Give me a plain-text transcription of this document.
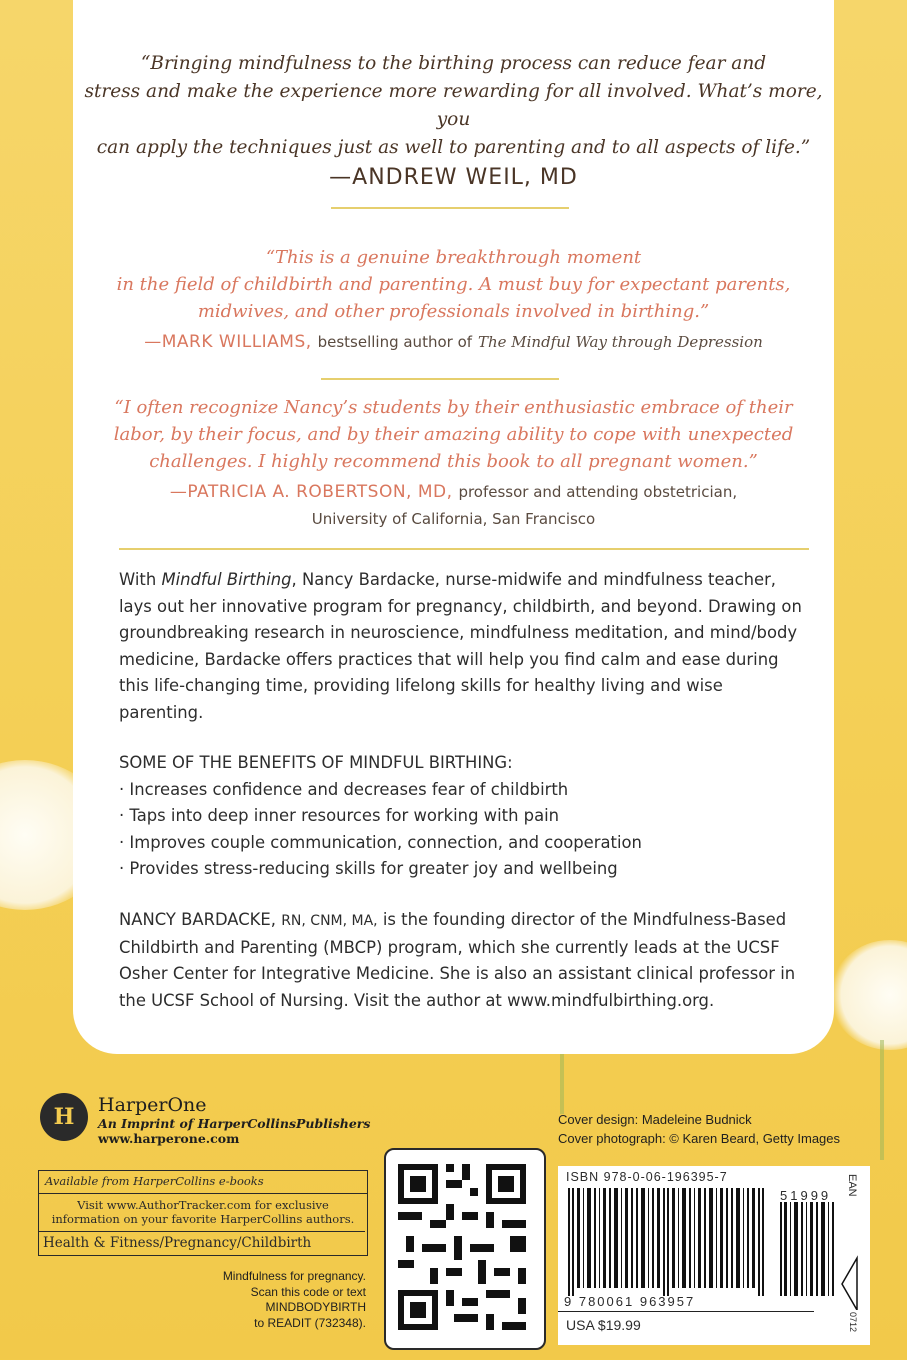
“Bringing mindfulness to the birthing process can reduce fear and
stress and make the experience more rewarding for all involved. What’s more, you
can apply the techniques just as well to parenting and to all aspects of life.”
—ANDREW WEIL, MD
“This is a genuine breakthrough moment
in the field of childbirth and parenting. A must buy for expectant parents,
midwives, and other professionals involved in birthing.”
—MARK WILLIAMS, bestselling author of The Mindful Way through Depression
“I often recognize Nancy’s students by their enthusiastic embrace of their
labor, by their focus, and by their amazing ability to cope with unexpected
challenges. I highly recommend this book to all pregnant women.”
—PATRICIA A. ROBERTSON, MD, professor and attending obstetrician,
University of California, San Francisco

With Mindful Birthing, Nancy Bardacke, nurse-midwife and mindfulness teacher, lays out her innovative program for pregnancy, childbirth, and beyond. Drawing on groundbreaking research in neuroscience, mindfulness meditation, and mind/body medicine, Bardacke offers practices that will help you find calm and ease during this life-changing time, providing lifelong skills for healthy living and wise parenting.

SOME OF THE BENEFITS OF MINDFUL BIRTHING:

· Increases confidence and decreases fear of childbirth
· Taps into deep inner resources for working with pain
· Improves couple communication, connection, and cooperation
· Provides stress-reducing skills for greater joy and wellbeing

NANCY BARDACKE, RN, CNM, MA, is the founding director of the Mindfulness-Based Childbirth and Parenting (MBCP) program, which she currently leads at the UCSF Osher Center for Integrative Medicine. She is also an assistant clinical professor in the UCSF School of Nursing. Visit the author at www.mindfulbirthing.org.

H	HarperOne
An Imprint of HarperCollinsPublishers
www.harperone.com
Available from HarperCollins e-books
Visit www.AuthorTracker.com for exclusive
information on your favorite HarperCollins authors.
Health & Fitness/Pregnancy/Childbirth
Mindfulness for pregnancy.
Scan this code or text MINDBODYBIRTH
to READIT (732348).
Cover design: Madeleine Budnick
Cover photograph: © Karen Beard, Getty Images
ISBN 978-0-06-196395-7	EAN
51999
9 780061 963957
USA $19.99	0712
